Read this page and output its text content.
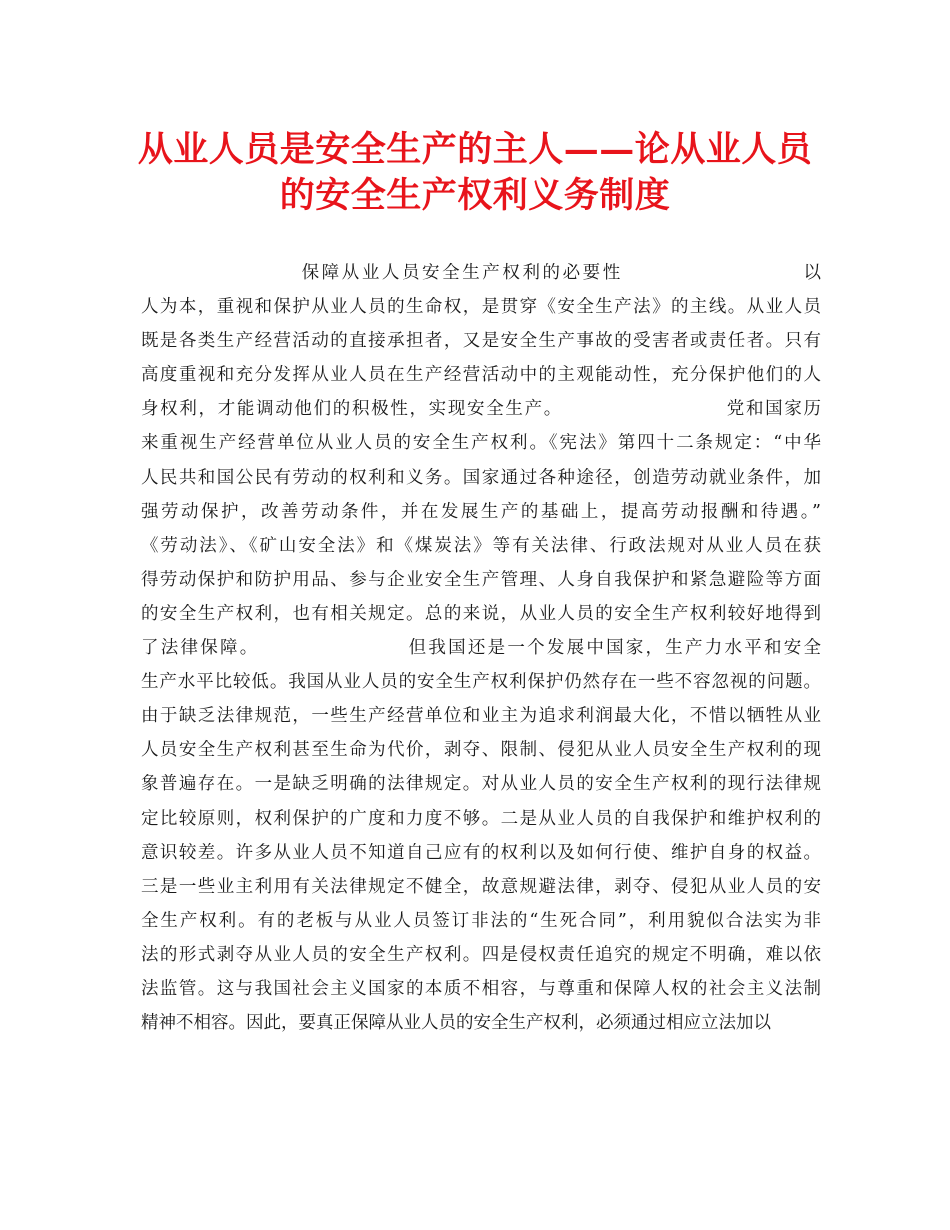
从业人员是安全生产的主人——论从业人员
的安全生产权利义务制度
　　　　　　　　保障从业人员安全生产权利的必要性　　　　　　　　　以
人为本，重视和保护从业人员的生命权，是贯穿《安全生产法》的主线。从业人员
既是各类生产经营活动的直接承担者，又是安全生产事故的受害者或责任者。只有
高度重视和充分发挥从业人员在生产经营活动中的主观能动性，充分保护他们的人
身权利，才能调动他们的积极性，实现安全生产。　　　　　　　　　党和国家历
来重视生产经营单位从业人员的安全生产权利。《宪法》第四十二条规定：“中华
人民共和国公民有劳动的权利和义务。国家通过各种途径，创造劳动就业条件，加
强劳动保护，改善劳动条件，并在发展生产的基础上，提高劳动报酬和待遇。”
《劳动法》、《矿山安全法》和《煤炭法》等有关法律、行政法规对从业人员在获
得劳动保护和防护用品、参与企业安全生产管理、人身自我保护和紧急避险等方面
的安全生产权利，也有相关规定。总的来说，从业人员的安全生产权利较好地得到
了法律保障。　　　　　　　　但我国还是一个发展中国家，生产力水平和安全
生产水平比较低。我国从业人员的安全生产权利保护仍然存在一些不容忽视的问题。
由于缺乏法律规范，一些生产经营单位和业主为追求利润最大化，不惜以牺牲从业
人员安全生产权利甚至生命为代价，剥夺、限制、侵犯从业人员安全生产权利的现
象普遍存在。一是缺乏明确的法律规定。对从业人员的安全生产权利的现行法律规
定比较原则，权利保护的广度和力度不够。二是从业人员的自我保护和维护权利的
意识较差。许多从业人员不知道自己应有的权利以及如何行使、维护自身的权益。
三是一些业主利用有关法律规定不健全，故意规避法律，剥夺、侵犯从业人员的安
全生产权利。有的老板与从业人员签订非法的“生死合同”，利用貌似合法实为非
法的形式剥夺从业人员的安全生产权利。四是侵权责任追究的规定不明确，难以依
法监管。这与我国社会主义国家的本质不相容，与尊重和保障人权的社会主义法制
精神不相容。因此，要真正保障从业人员的安全生产权利，必须通过相应立法加以
